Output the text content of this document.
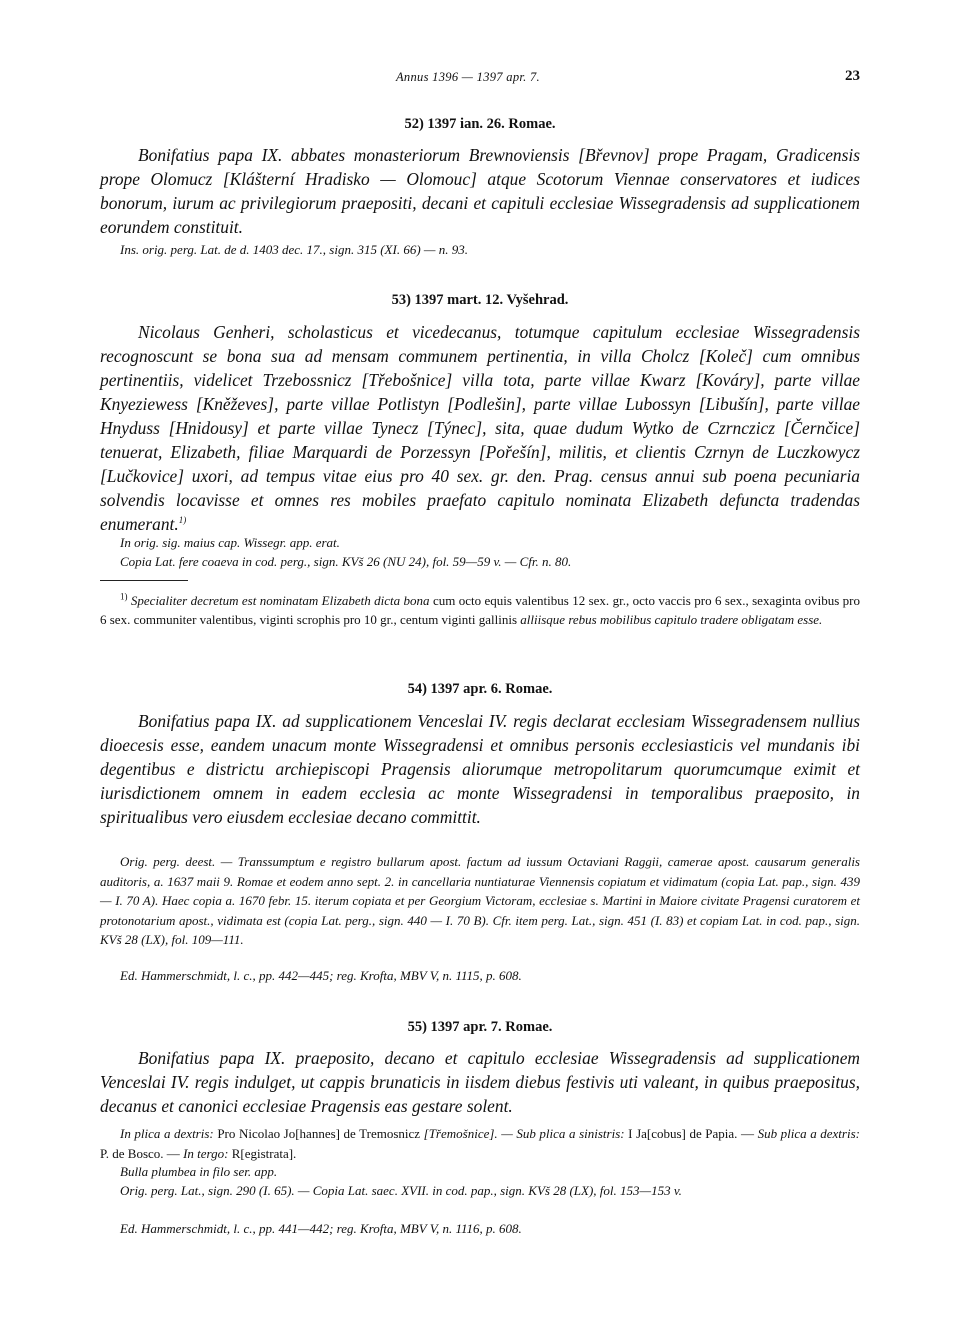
Annus 1396 — 1397 apr. 7.	23
52) 1397 ian. 26. Romae.

Bonifatius papa IX. abbates monasteriorum Brewnoviensis [Břevnov] prope Pragam, Gradicensis prope Olomucz [Klášterní Hradisko — Olomouc] atque Scotorum Viennae conservatores et iudices bonorum, iurum ac privilegiorum praepositi, decani et capituli ecclesiae Wissegradensis ad supplicationem eorundem constituit.

Ins. orig. perg. Lat. de d. 1403 dec. 17., sign. 315 (XI. 66) — n. 93.

53) 1397 mart. 12. Vyšehrad.

Nicolaus Genheri, scholasticus et vicedecanus, totumque capitulum ecclesiae Wissegradensis recognoscunt se bona sua ad mensam communem pertinentia, in villa Cholcz [Koleč] cum omnibus pertinentiis, videlicet Trzebossnicz [Třebošnice] villa tota, parte villae Kwarz [Kováry], parte villae Knyeziewess [Kněževes], parte villae Potlistyn [Podlešin], parte villae Lubossyn [Libušín], parte villae Hnyduss [Hnidousy] et parte villae Tynecz [Týnec], sita, quae dudum Wytko de Czrnczicz [Černčice] tenuerat, Elizabeth, filiae Marquardi de Porzessyn [Pořešín], militis, et clientis Czrnyn de Luczkowycz [Lučkovice] uxori, ad tempus vitae eius pro 40 sex. gr. den. Prag. census annui sub poena pecuniaria solvendis locavisse et omnes res mobiles praefato capitulo nominata Elizabeth defuncta tradendas enumerant.$^{1)}$

In orig. sig. maius cap. Wissegr. app. erat.

Copia Lat. fere coaeva in cod. perg., sign. KVš 26 (NU 24), fol. 59—59 v. — Cfr. n. 80.

$^{1)}$ Specialiter decretum est nominatam Elizabeth dicta bona cum octo equis valentibus 12 sex. gr., octo vaccis pro 6 sex., sexaginta ovibus pro 6 sex. communiter valentibus, viginti scrophis pro 10 gr., centum viginti gallinis alliisque rebus mobilibus capitulo tradere obligatam esse.

54) 1397 apr. 6. Romae.

Bonifatius papa IX. ad supplicationem Venceslai IV. regis declarat ecclesiam Wissegradensem nullius dioecesis esse, eandem unacum monte Wissegradensi et omnibus personis ecclesiasticis vel mundanis ibi degentibus e districtu archiepiscopi Pragensis aliorumque metropolitarum quorumcumque eximit et iurisdictionem omnem in eadem ecclesia ac monte Wissegradensi in temporalibus praeposito, in spiritualibus vero eiusdem ecclesiae decano committit.

Orig. perg. deest. — Transsumptum e registro bullarum apost. factum ad iussum Octaviani Raggii, camerae apost. causarum generalis auditoris, a. 1637 maii 9. Romae et eodem anno sept. 2. in cancellaria nuntiaturae Viennensis copiatum et vidimatum (copia Lat. pap., sign. 439 — I. 70 A). Haec copia a. 1670 febr. 15. iterum copiata et per Georgium Victoram, ecclesiae s. Martini in Maiore civitate Pragensi curatorem et protonotarium apost., vidimata est (copia Lat. perg., sign. 440 — I. 70 B). Cfr. item perg. Lat., sign. 451 (I. 83) et copiam Lat. in cod. pap., sign. KVš 28 (LX), fol. 109—111.

Ed. Hammerschmidt, l. c., pp. 442—445; reg. Krofta, MBV V, n. 1115, p. 608.

55) 1397 apr. 7. Romae.

Bonifatius papa IX. praeposito, decano et capitulo ecclesiae Wissegradensis ad supplicationem Venceslai IV. regis indulget, ut cappis brunaticis in iisdem diebus festivis uti valeant, in quibus praepositus, decanus et canonici ecclesiae Pragensis eas gestare solent.

In plica a dextris: Pro Nicolao Jo[hannes] de Tremosnicz [Třemošnice]. — Sub plica a sinistris: I Ja[cobus] de Papia. — Sub plica a dextris: P. de Bosco. — In tergo: R[egistrata].

Bulla plumbea in filo ser. app.

Orig. perg. Lat., sign. 290 (I. 65). — Copia Lat. saec. XVII. in cod. pap., sign. KVš 28 (LX), fol. 153—153 v.

Ed. Hammerschmidt, l. c., pp. 441—442; reg. Krofta, MBV V, n. 1116, p. 608.
